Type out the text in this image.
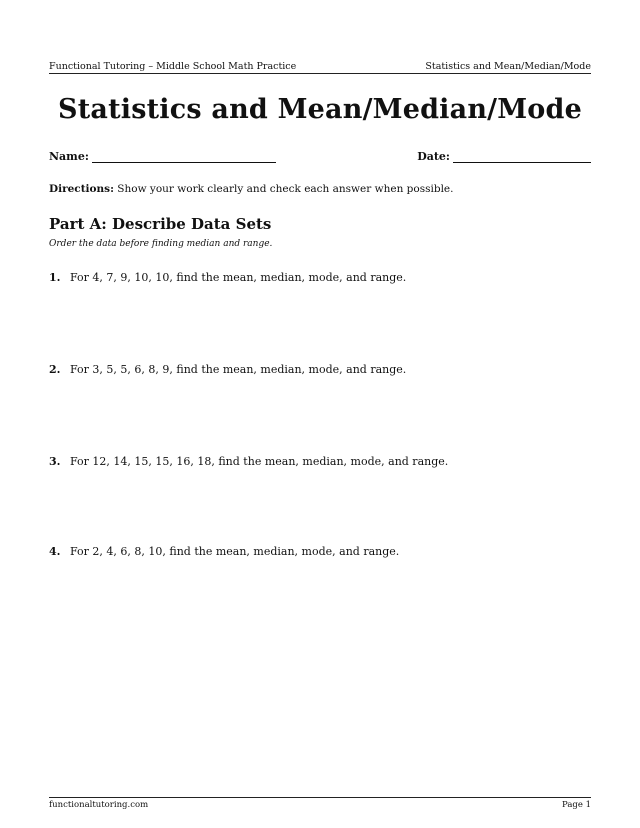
Functional Tutoring – Middle School Math Practice	Statistics and Mean/Median/Mode
Statistics and Mean/Median/Mode
Name:	Date:
Directions: Show your work clearly and check each answer when possible.
Part A: Describe Data Sets
Order the data before finding median and range.
1. For 4, 7, 9, 10, 10, find the mean, median, mode, and range.
2. For 3, 5, 5, 6, 8, 9, find the mean, median, mode, and range.
3. For 12, 14, 15, 15, 16, 18, find the mean, median, mode, and range.
4. For 2, 4, 6, 8, 10, find the mean, median, mode, and range.
functionaltutoring.com	Page 1
